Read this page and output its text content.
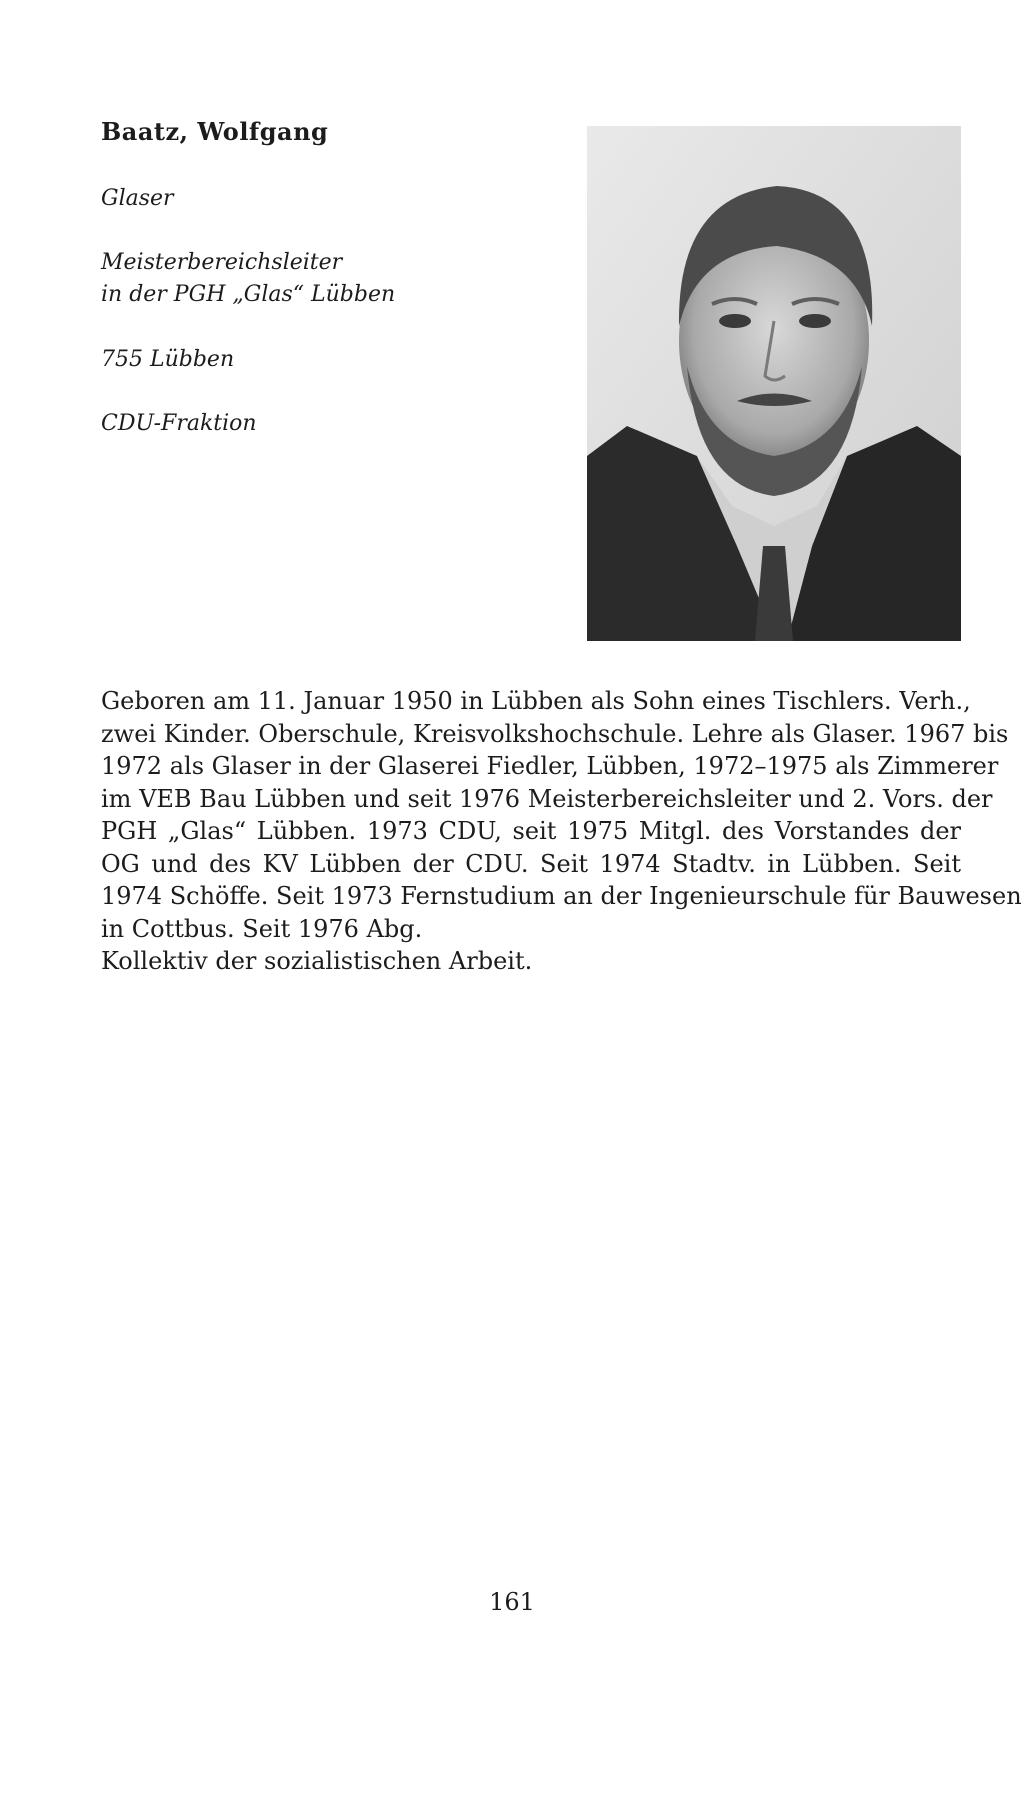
Baatz, Wolfgang
Glaser
Meisterbereichsleiter
in der PGH „Glas“ Lübben
755 Lübben
CDU-Fraktion
Geboren am 11. Januar 1950 in Lübben als Sohn eines Tischlers. Verh.,
zwei Kinder. Oberschule, Kreisvolkshochschule. Lehre als Glaser. 1967 bis
1972 als Glaser in der Glaserei Fiedler, Lübben, 1972–1975 als Zimmerer
im VEB Bau Lübben und seit 1976 Meisterbereichsleiter und 2. Vors. der
PGH „Glas“ Lübben. 1973 CDU, seit 1975 Mitgl. des Vorstandes der
OG und des KV Lübben der CDU. Seit 1974 Stadtv. in Lübben. Seit
1974 Schöffe. Seit 1973 Fernstudium an der Ingenieurschule für Bauwesen
in Cottbus. Seit 1976 Abg.
Kollektiv der sozialistischen Arbeit.
161
